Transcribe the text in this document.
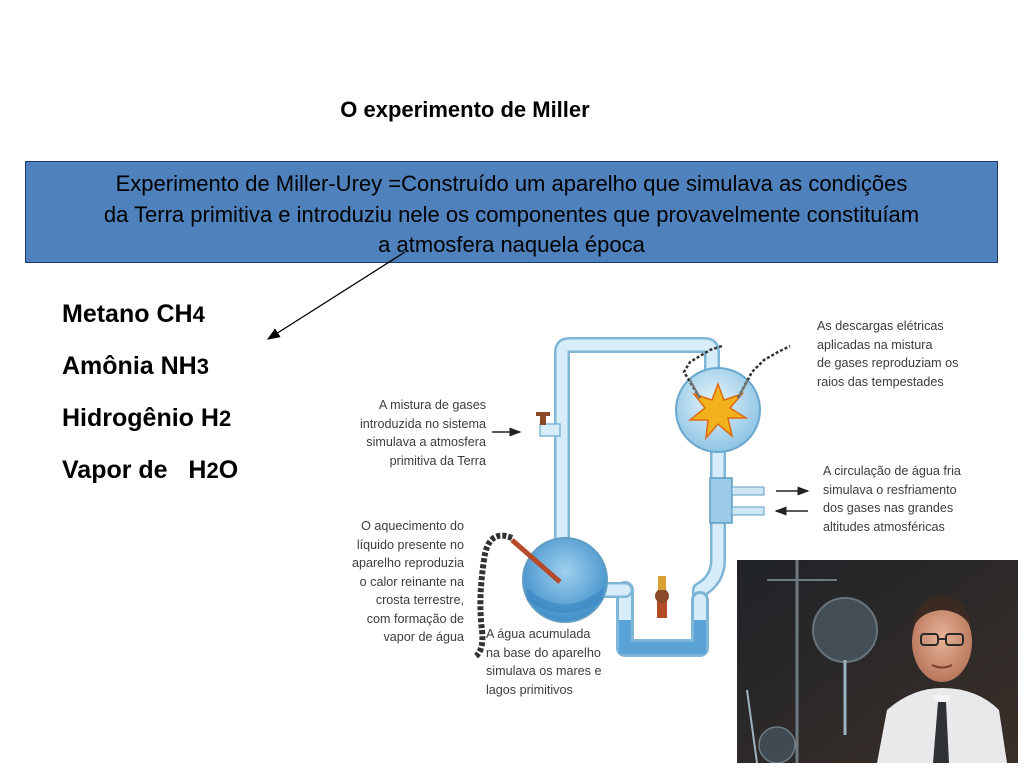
O experimento de Miller
Experimento de Miller-Urey =Construído um aparelho que simulava as condições
da Terra primitiva e introduziu nele os componentes que provavelmente constituíam
a atmosfera naquela época
Metano CH4
Amônia NH3
Hidrogênio H2
Vapor de   H2O
As descargas elétricas
aplicadas na mistura
de gases reproduziam os
raios das tempestades
A mistura de gases
introduzida no sistema
simulava a atmosfera
primitiva da Terra
A circulação de água fria
simulava o resfriamento
dos gases nas grandes
altitudes atmosféricas
O aquecimento do
líquido presente no
aparelho reproduzia
o calor reinante na
crosta terrestre,
com formação de
vapor de água A água acumulada
na base do aparelho
simulava os mares e
lagos primitivos
